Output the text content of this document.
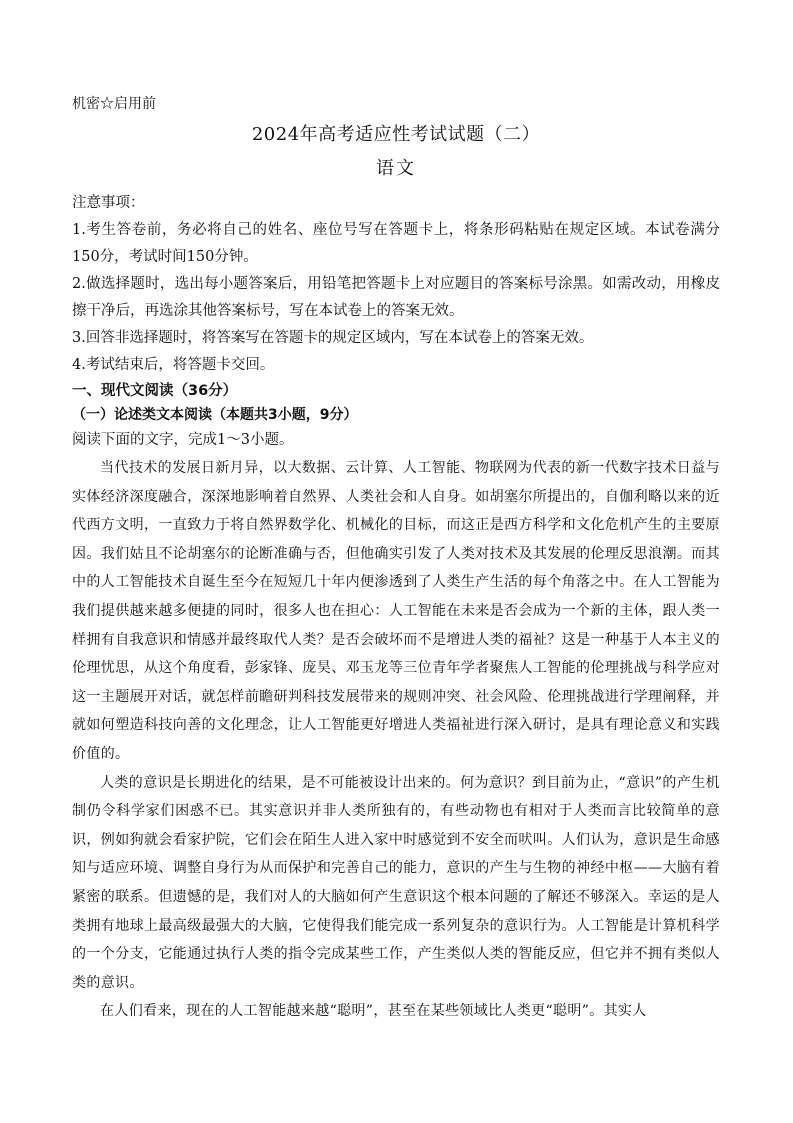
机密☆启用前
2024年高考适应性考试试题（二）
语文
注意事项：
1.考生答卷前，务必将自己的姓名、座位号写在答题卡上，将条形码粘贴在规定区域。本试卷满分150分，考试时间150分钟。
2.做选择题时，选出每小题答案后，用铅笔把答题卡上对应题目的答案标号涂黑。如需改动，用橡皮擦干净后，再选涂其他答案标号，写在本试卷上的答案无效。
3.回答非选择题时，将答案写在答题卡的规定区域内，写在本试卷上的答案无效。
4.考试结束后，将答题卡交回。
一、现代文阅读（36分）
（一）论述类文本阅读（本题共3小题，9分）
阅读下面的文字，完成1～3小题。

当代技术的发展日新月异，以大数据、云计算、人工智能、物联网为代表的新一代数字技术日益与实体经济深度融合，深深地影响着自然界、人类社会和人自身。如胡塞尔所提出的，自伽利略以来的近代西方文明，一直致力于将自然界数学化、机械化的目标，而这正是西方科学和文化危机产生的主要原因。我们姑且不论胡塞尔的论断准确与否，但他确实引发了人类对技术及其发展的伦理反思浪潮。而其中的人工智能技术自诞生至今在短短几十年内便渗透到了人类生产生活的每个角落之中。在人工智能为我们提供越来越多便捷的同时，很多人也在担心：人工智能在未来是否会成为一个新的主体，跟人类一样拥有自我意识和情感并最终取代人类？是否会破坏而不是增进人类的福祉？这是一种基于人本主义的伦理忧思，从这个角度看，彭家锋、庞昊、邓玉龙等三位青年学者聚焦人工智能的伦理挑战与科学应对这一主题展开对话，就怎样前瞻研判科技发展带来的规则冲突、社会风险、伦理挑战进行学理阐释，并就如何塑造科技向善的文化理念，让人工智能更好增进人类福祉进行深入研讨，是具有理论意义和实践价值的。

人类的意识是长期进化的结果，是不可能被设计出来的。何为意识？到目前为止，“意识”的产生机制仍令科学家们困惑不已。其实意识并非人类所独有的，有些动物也有相对于人类而言比较简单的意识，例如狗就会看家护院，它们会在陌生人进入家中时感觉到不安全而吠叫。人们认为，意识是生命感知与适应环境、调整自身行为从而保护和完善自己的能力，意识的产生与生物的神经中枢——大脑有着紧密的联系。但遗憾的是，我们对人的大脑如何产生意识这个根本问题的了解还不够深入。幸运的是人类拥有地球上最高级最强大的大脑，它使得我们能完成一系列复杂的意识行为。人工智能是计算机科学的一个分支，它能通过执行人类的指令完成某些工作，产生类似人类的智能反应，但它并不拥有类似人类的意识。

在人们看来，现在的人工智能越来越“聪明”，甚至在某些领域比人类更“聪明”。其实人
